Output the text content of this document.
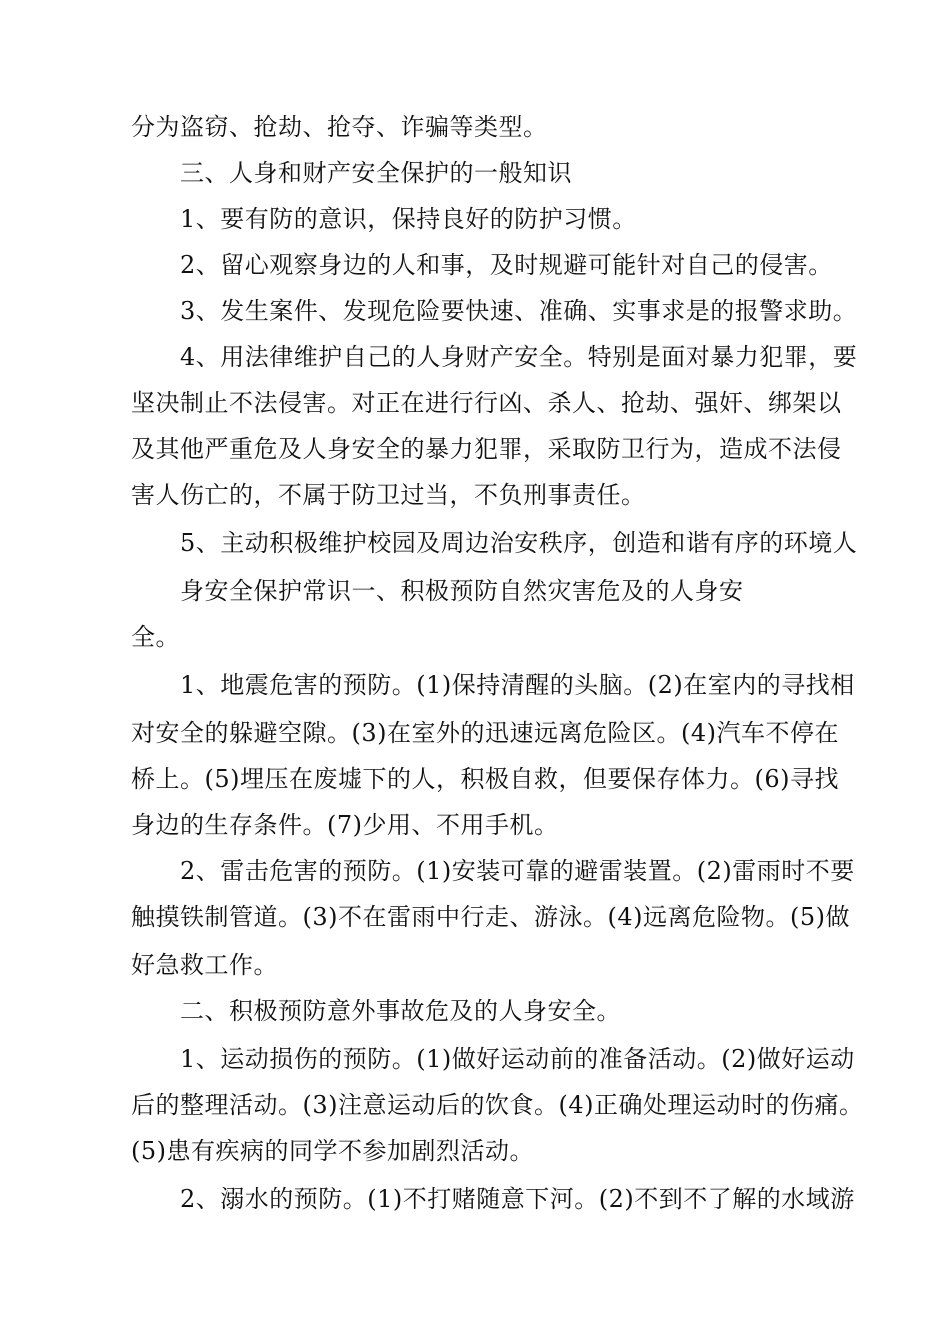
分为盗窃、抢劫、抢夺、诈骗等类型。
三、人身和财产安全保护的一般知识
1、要有防的意识，保持良好的防护习惯。
2、留心观察身边的人和事，及时规避可能针对自己的侵害。
3、发生案件、发现危险要快速、准确、实事求是的报警求助。
4、用法律维护自己的人身财产安全。特别是面对暴力犯罪，要
坚决制止不法侵害。对正在进行行凶、杀人、抢劫、强奸、绑架以
及其他严重危及人身安全的暴力犯罪，采取防卫行为，造成不法侵
害人伤亡的，不属于防卫过当，不负刑事责任。
5、主动积极维护校园及周边治安秩序，创造和谐有序的环境人
身安全保护常识一、积极预防自然灾害危及的人身安
全。
1、地震危害的预防。(1)保持清醒的头脑。(2)在室内的寻找相
对安全的躲避空隙。(3)在室外的迅速远离危险区。(4)汽车不停在
桥上。(5)埋压在废墟下的人，积极自救，但要保存体力。(6)寻找
身边的生存条件。(7)少用、不用手机。
2、雷击危害的预防。(1)安装可靠的避雷装置。(2)雷雨时不要
触摸铁制管道。(3)不在雷雨中行走、游泳。(4)远离危险物。(5)做
好急救工作。
二、积极预防意外事故危及的人身安全。
1、运动损伤的预防。(1)做好运动前的准备活动。(2)做好运动
后的整理活动。(3)注意运动后的饮食。(4)正确处理运动时的伤痛。
(5)患有疾病的同学不参加剧烈活动。
2、溺水的预防。(1)不打赌随意下河。(2)不到不了解的水域游
